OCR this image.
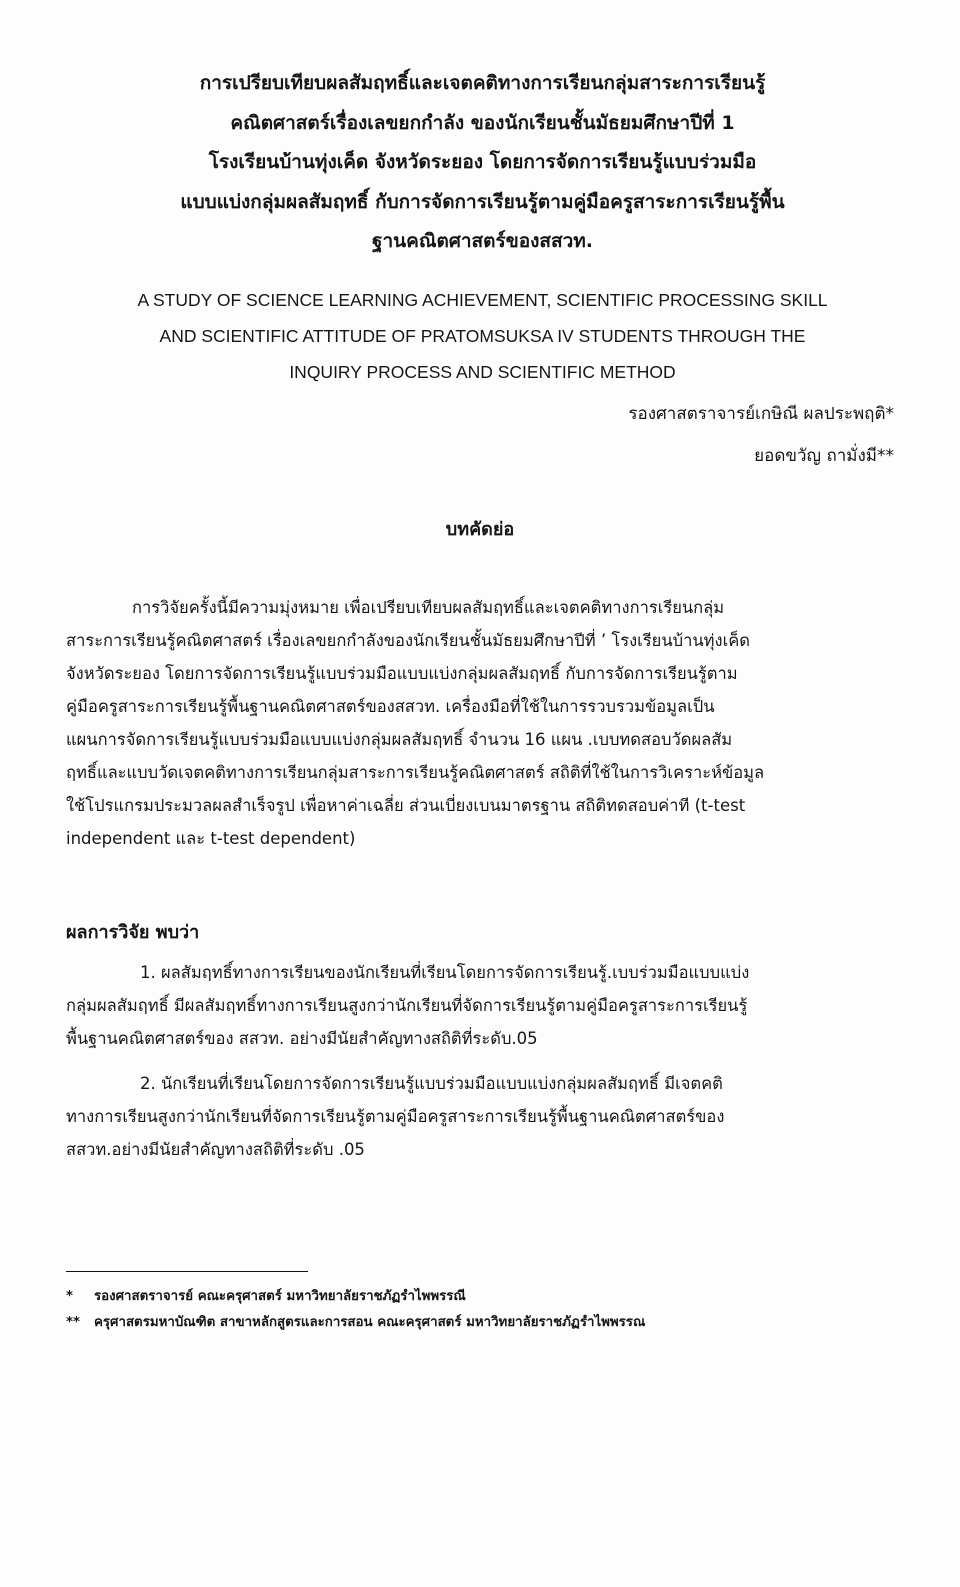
การเปรียบเทียบผลสัมฤทธิ์และเจตคติทางการเรียนกลุ่มสาระการเรียนรู้
คณิตศาสตร์เรื่องเลขยกกำลัง ของนักเรียนชั้นมัธยมศึกษาปีที่ 1
โรงเรียนบ้านทุ่งเค็ด จังหวัดระยอง โดยการจัดการเรียนรู้แบบร่วมมือ
แบบแบ่งกลุ่มผลสัมฤทธิ์ กับการจัดการเรียนรู้ตามคู่มือครูสาระการเรียนรู้พื้น
ฐานคณิตศาสตร์ของสสวท.
A STUDY OF SCIENCE LEARNING ACHIEVEMENT, SCIENTIFIC PROCESSING SKILL
AND SCIENTIFIC ATTITUDE OF PRATOMSUKSA IV STUDENTS THROUGH THE
INQUIRY PROCESS AND SCIENTIFIC METHOD
รองศาสตราจารย์เกษิณี ผลประพฤติ*
ยอดขวัญ ถามั่งมี**
บทคัดย่อ
การวิจัยครั้งนี้มีความมุ่งหมาย เพื่อเปรียบเทียบผลสัมฤทธิ์และเจตคติทางการเรียนกลุ่ม
สาระการเรียนรู้คณิตศาสตร์ เรื่องเลขยกกำลังของนักเรียนชั้นมัธยมศึกษาปีที่ ’ โรงเรียนบ้านทุ่งเค็ด
จังหวัดระยอง โดยการจัดการเรียนรู้แบบร่วมมือแบบแบ่งกลุ่มผลสัมฤทธิ์ กับการจัดการเรียนรู้ตาม
คู่มือครูสาระการเรียนรู้พื้นฐานคณิตศาสตร์ของสสวท. เครื่องมือที่ใช้ในการรวบรวมข้อมูลเป็น
แผนการจัดการเรียนรู้แบบร่วมมือแบบแบ่งกลุ่มผลสัมฤทธิ์ จำนวน 16 แผน .เบบทดสอบวัดผลสัม
ฤทธิ์และแบบวัดเจตคติทางการเรียนกลุ่มสาระการเรียนรู้คณิตศาสตร์ สถิติที่ใช้ในการวิเคราะห์ข้อมูล
ใช้โปรแกรมประมวลผลสำเร็จรูป เพื่อหาค่าเฉลี่ย ส่วนเบี่ยงเบนมาตรฐาน สถิติทดสอบค่าที (t-test
independent และ t-test dependent)
ผลการวิจัย พบว่า
1. ผลสัมฤทธิ์ทางการเรียนของนักเรียนที่เรียนโดยการจัดการเรียนรู้.เบบร่วมมือแบบแบ่ง
กลุ่มผลสัมฤทธิ์ มีผลสัมฤทธิ์ทางการเรียนสูงกว่านักเรียนที่จัดการเรียนรู้ตามคู่มือครูสาระการเรียนรู้
พื้นฐานคณิตศาสตร์ของ สสวท. อย่างมีนัยสำคัญทางสถิติที่ระดับ.05
2. นักเรียนที่เรียนโดยการจัดการเรียนรู้แบบร่วมมือแบบแบ่งกลุ่มผลสัมฤทธิ์ มีเจตคติ
ทางการเรียนสูงกว่านักเรียนที่จัดการเรียนรู้ตามคู่มือครูสาระการเรียนรู้พื้นฐานคณิตศาสตร์ของ
สสวท.อย่างมีนัยสำคัญทางสถิติที่ระดับ .05
* รองศาสตราจารย์ คณะครุศาสตร์ มหาวิทยาลัยราชภัฏรำไพพรรณี
** ครุศาสตรมหาบัณฑิต สาขาหลักสูตรและการสอน คณะครุศาสตร์ มหาวิทยาลัยราชภัฏรำไพพรรณ
